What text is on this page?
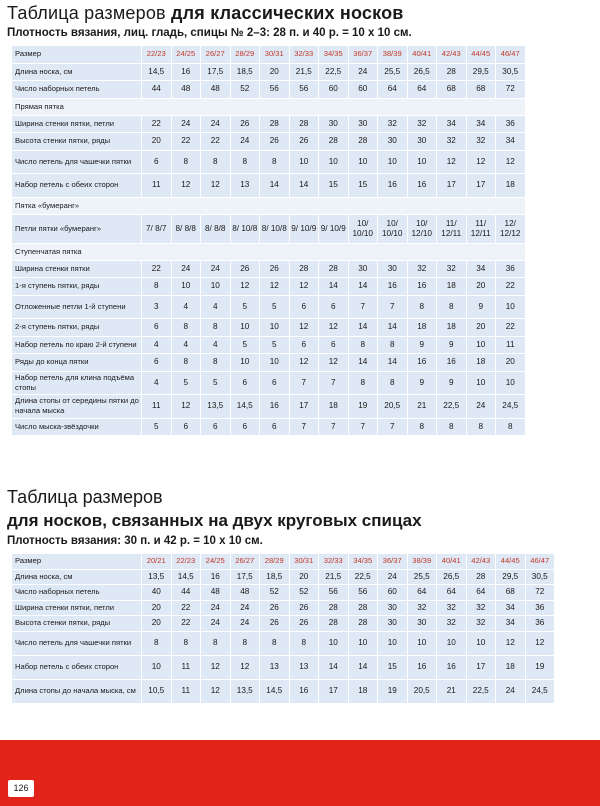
Таблица размеров для классических носков
Плотность вязания, лиц. гладь, спицы № 2–3: 28 п. и 40 р. = 10 x 10 см.
Размер	22/23	24/25	26/27	28/29	30/31	32/33	34/35	36/37	38/39	40/41	42/43	44/45	46/47
Длина носка, см	14,5	16	17,5	18,5	20	21,5	22,5	24	25,5	26,5	28	29,5	30,5
Число наборных петель	44	48	48	52	56	56	60	60	64	64	68	68	72
Прямая пятка													
Ширина стенки пятки, петли	22	24	24	26	28	28	30	30	32	32	34	34	36
Высота стенки пятки, ряды	20	22	22	24	26	26	28	28	30	30	32	32	34
Число петель для чашечки пятки	6	8	8	8	8	10	10	10	10	10	12	12	12
Набор петель с обеих сторон	11	12	12	13	14	14	15	15	16	16	17	17	18
Пятка «бумеранг»													
Петли пятки «бумеранг»	7/ 8/7	8/ 8/8	8/ 8/8	8/ 10/8	8/ 10/8	9/ 10/9	9/ 10/9	10/ 10/10	10/ 10/10	10/ 12/10	11/ 12/11	11/ 12/11	12/ 12/12
Ступенчатая пятка													
Ширина стенки пятки	22	24	24	26	26	28	28	30	30	32	32	34	36
1-я ступень пятки, ряды	8	10	10	12	12	12	14	14	16	16	18	20	22
Отложенные петли 1-й ступени	3	4	4	5	5	6	6	7	7	8	8	9	10
2-я ступень пятки, ряды	6	8	8	10	10	12	12	14	14	18	18	20	22
Набор петель по краю 2-й ступени	4	4	4	5	5	6	6	8	8	9	9	10	11
Ряды до конца пятки	6	8	8	10	10	12	12	14	14	16	16	18	20
Набор петель для клина подъёма стопы	4	5	5	6	6	7	7	8	8	9	9	10	10
Длина стопы от середины пятки до начала мыска	11	12	13,5	14,5	16	17	18	19	20,5	21	22,5	24	24,5
Число мыска-звёздочки	5	6	6	6	6	7	7	7	7	8	8	8	8
Таблица размеров
для носков, связанных на двух круговых спицах
Плотность вязания: 30 п. и 42 р. = 10 x 10 см.
Размер	20/21	22/23	24/25	26/27	28/29	30/31	32/33	34/35	36/37	38/39	40/41	42/43	44/45	46/47
Длина носка, см	13,5	14,5	16	17,5	18,5	20	21,5	22,5	24	25,5	26,5	28	29,5	30,5
Число наборных петель	40	44	48	48	52	52	56	56	60	64	64	64	68	72
Ширина стенки пятки, петли	20	22	24	24	26	26	28	28	30	32	32	32	34	36
Высота стенки пятки, ряды	20	22	24	24	26	26	28	28	30	30	32	32	34	36
Число петель для чашечки пятки	8	8	8	8	8	8	10	10	10	10	10	10	12	12
Набор петель с обеих сторон	10	11	12	12	13	13	14	14	15	16	16	17	18	19
Длина стопы до начала мыска, см	10,5	11	12	13,5	14,5	16	17	18	19	20,5	21	22,5	24	24,5
126
